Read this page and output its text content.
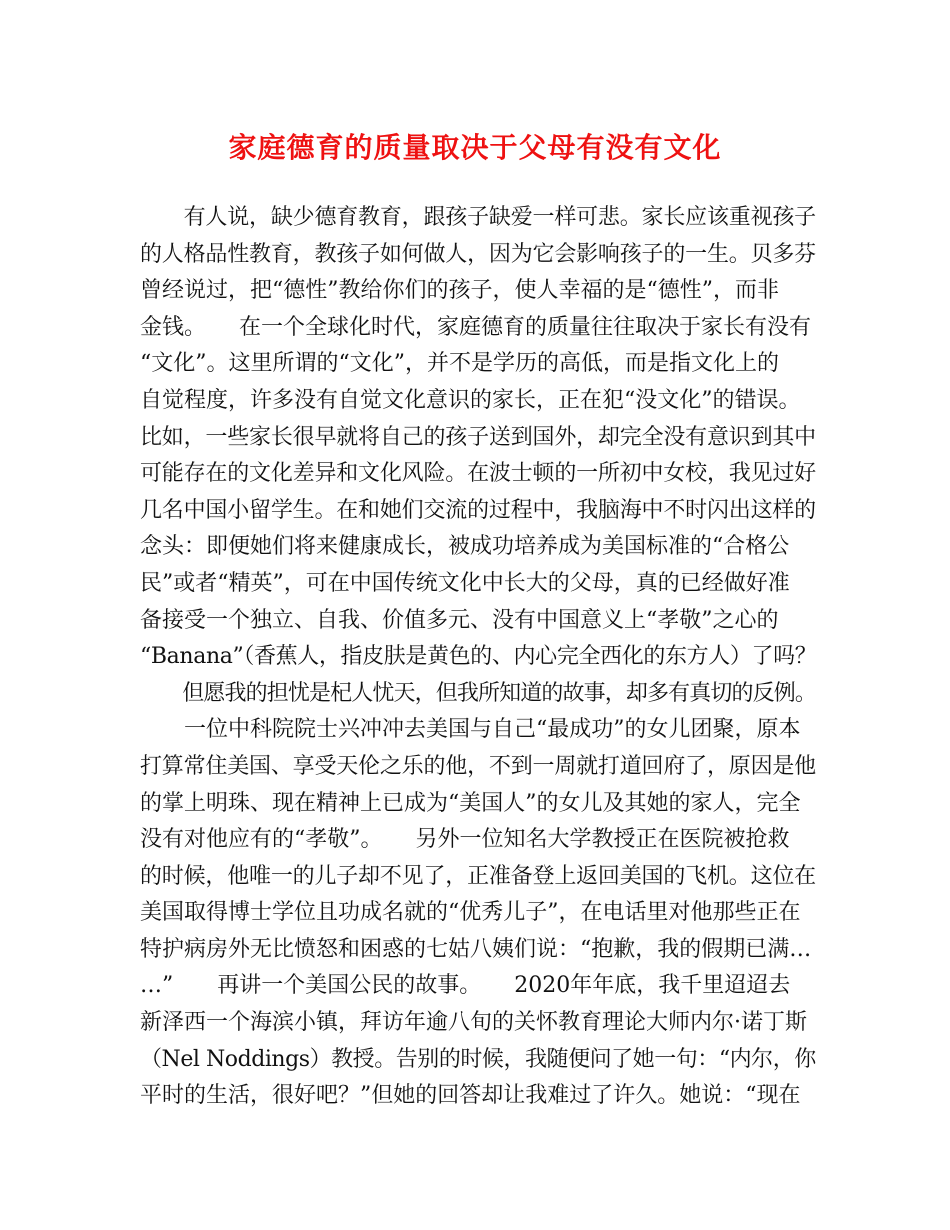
家庭德育的质量取决于父母有没有文化
　　有人说，缺少德育教育，跟孩子缺爱一样可悲。家长应该重视孩子
的人格品性教育，教孩子如何做人，因为它会影响孩子的一生。贝多芬
曾经说过，把“德性”教给你们的孩子，使人幸福的是“德性”，而非
金钱。　　在一个全球化时代，家庭德育的质量往往取决于家长有没有
“文化”。这里所谓的“文化”，并不是学历的高低，而是指文化上的
自觉程度，许多没有自觉文化意识的家长，正在犯“没文化”的错误。
比如，一些家长很早就将自己的孩子送到国外，却完全没有意识到其中
可能存在的文化差异和文化风险。在波士顿的一所初中女校，我见过好
几名中国小留学生。在和她们交流的过程中，我脑海中不时闪出这样的
念头：即便她们将来健康成长，被成功培养成为美国标准的“合格公
民”或者“精英”，可在中国传统文化中长大的父母，真的已经做好准
备接受一个独立、自我、价值多元、没有中国意义上“孝敬”之心的
“Banana”（香蕉人，指皮肤是黄色的、内心完全西化的东方人）了吗？
　　但愿我的担忧是杞人忧天，但我所知道的故事，却多有真切的反例。
　　一位中科院院士兴冲冲去美国与自己“最成功”的女儿团聚，原本
打算常住美国、享受天伦之乐的他，不到一周就打道回府了，原因是他
的掌上明珠、现在精神上已成为“美国人”的女儿及其她的家人，完全
没有对他应有的“孝敬”。　　另外一位知名大学教授正在医院被抢救
的时候，他唯一的儿子却不见了，正准备登上返回美国的飞机。这位在
美国取得博士学位且功成名就的“优秀儿子”，在电话里对他那些正在
特护病房外无比愤怒和困惑的七姑八姨们说：“抱歉，我的假期已满…
…”　　再讲一个美国公民的故事。　　2020年年底，我千里迢迢去
新泽西一个海滨小镇，拜访年逾八旬的关怀教育理论大师内尔·诺丁斯
（Nel Noddings）教授。告别的时候，我随便问了她一句：“内尔，你
平时的生活，很好吧？”但她的回答却让我难过了许久。她说：“现在
